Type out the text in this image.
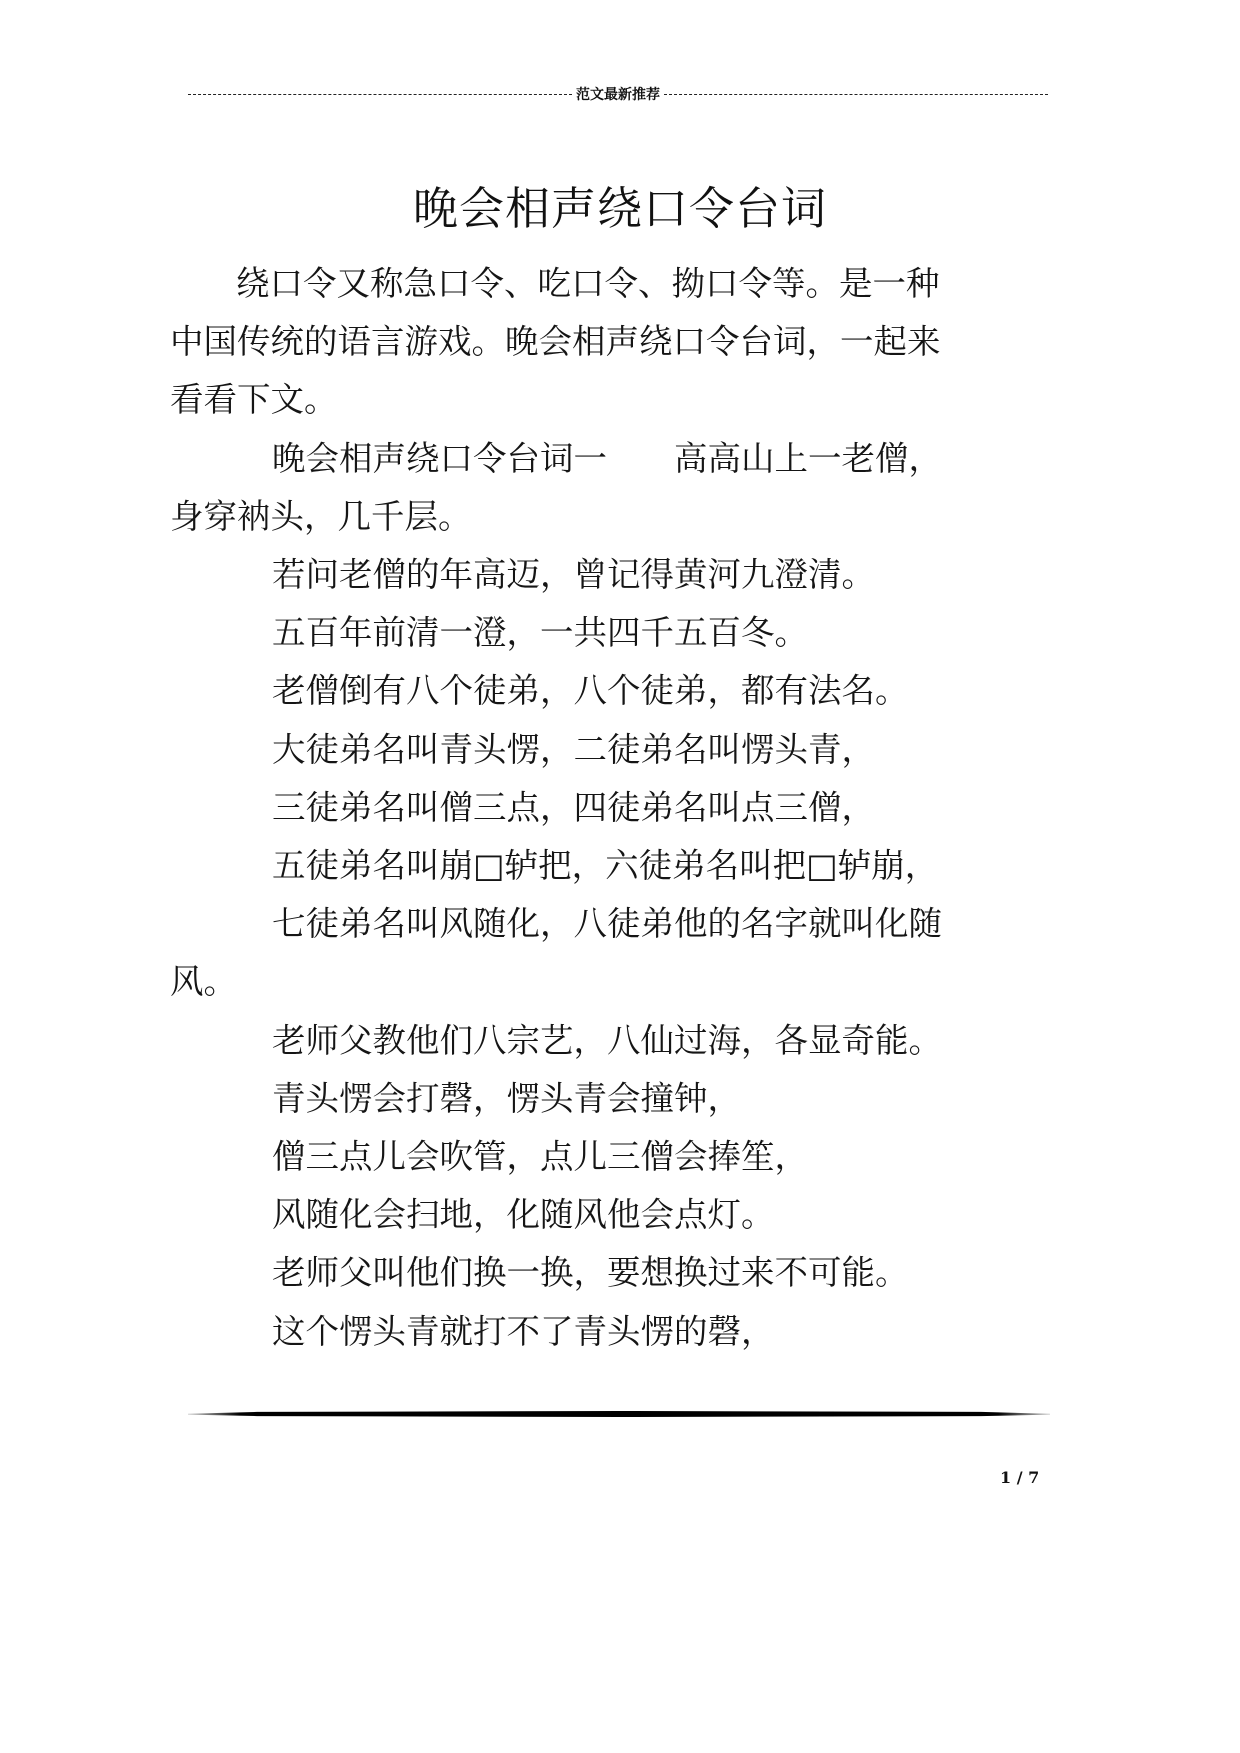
范文最新推荐
晚会相声绕口令台词
绕口令又称急口令、吃口令、拗口令等。是一种
中国传统的语言游戏。晚会相声绕口令台词，一起来
看看下文。
晚会相声绕口令台词一　　高高山上一老僧，
身穿衲头，几千层。
若问老僧的年高迈，曾记得黄河九澄清。
五百年前清一澄，一共四千五百冬。
老僧倒有八个徒弟，八个徒弟，都有法名。
大徒弟名叫青头愣，二徒弟名叫愣头青，
三徒弟名叫僧三点，四徒弟名叫点三僧，
五徒弟名叫崩□轳把，六徒弟名叫把□轳崩，
七徒弟名叫风随化，八徒弟他的名字就叫化随
风。
老师父教他们八宗艺，八仙过海，各显奇能。
青头愣会打磬，愣头青会撞钟，
僧三点儿会吹管，点儿三僧会捧笙，
风随化会扫地，化随风他会点灯。
老师父叫他们换一换，要想换过来不可能。
这个愣头青就打不了青头愣的磬，
1 / 7
